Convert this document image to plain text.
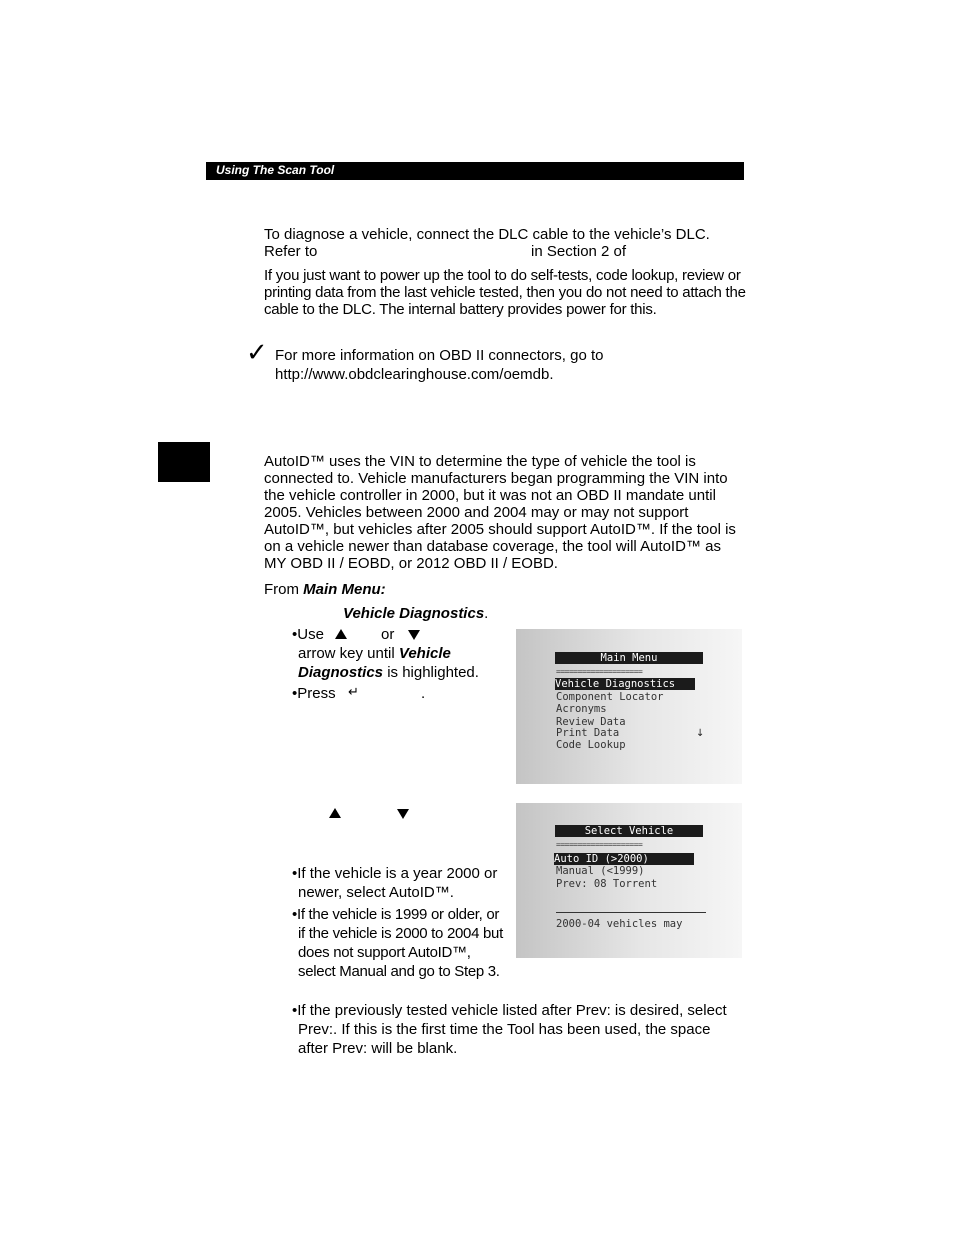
Using The Scan Tool
To diagnose a vehicle, connect the DLC cable to the vehicle’s DLC.
Refer to	in Section 2 of
If you just want to power up the tool to do self-tests, code lookup, review or printing data from the last vehicle tested, then you do not need to attach the cable to the DLC. The internal battery provides power for this.
✓ For more information on OBD II connectors, go to
http://www.obdclearinghouse.com/oemdb.
AutoID™ uses the VIN to determine the type of vehicle the tool is connected to. Vehicle manufacturers began programming the VIN into the vehicle controller in 2000, but it was not an OBD II mandate until 2005. Vehicles between 2000 and 2004 may or may not support AutoID™, but vehicles after 2005 should support AutoID™. If the tool is on a vehicle newer than database coverage, the tool will AutoID™ as MY OBD II / EOBD, or 2012 OBD II / EOBD.
From Main Menu:
Vehicle Diagnostics.
•Use	or
arrow key until Vehicle
Diagnostics is highlighted.
•Press ↵	.
Main Menu
====================
Vehicle Diagnostics
Component Locator
Acronyms
Review Data
Print Data	↓
Code Lookup
Select Vehicle
====================
Auto ID (>2000)
Manual (<1999)
Prev: 08 Torrent
2000-04 vehicles may
•If the vehicle is a year 2000 or newer, select AutoID™.
•If the vehicle is 1999 or older, or if the vehicle is 2000 to 2004 but does not support AutoID™, select Manual and go to Step 3.
•If the previously tested vehicle listed after Prev: is desired, select Prev:. If this is the first time the Tool has been used, the space after Prev: will be blank.
